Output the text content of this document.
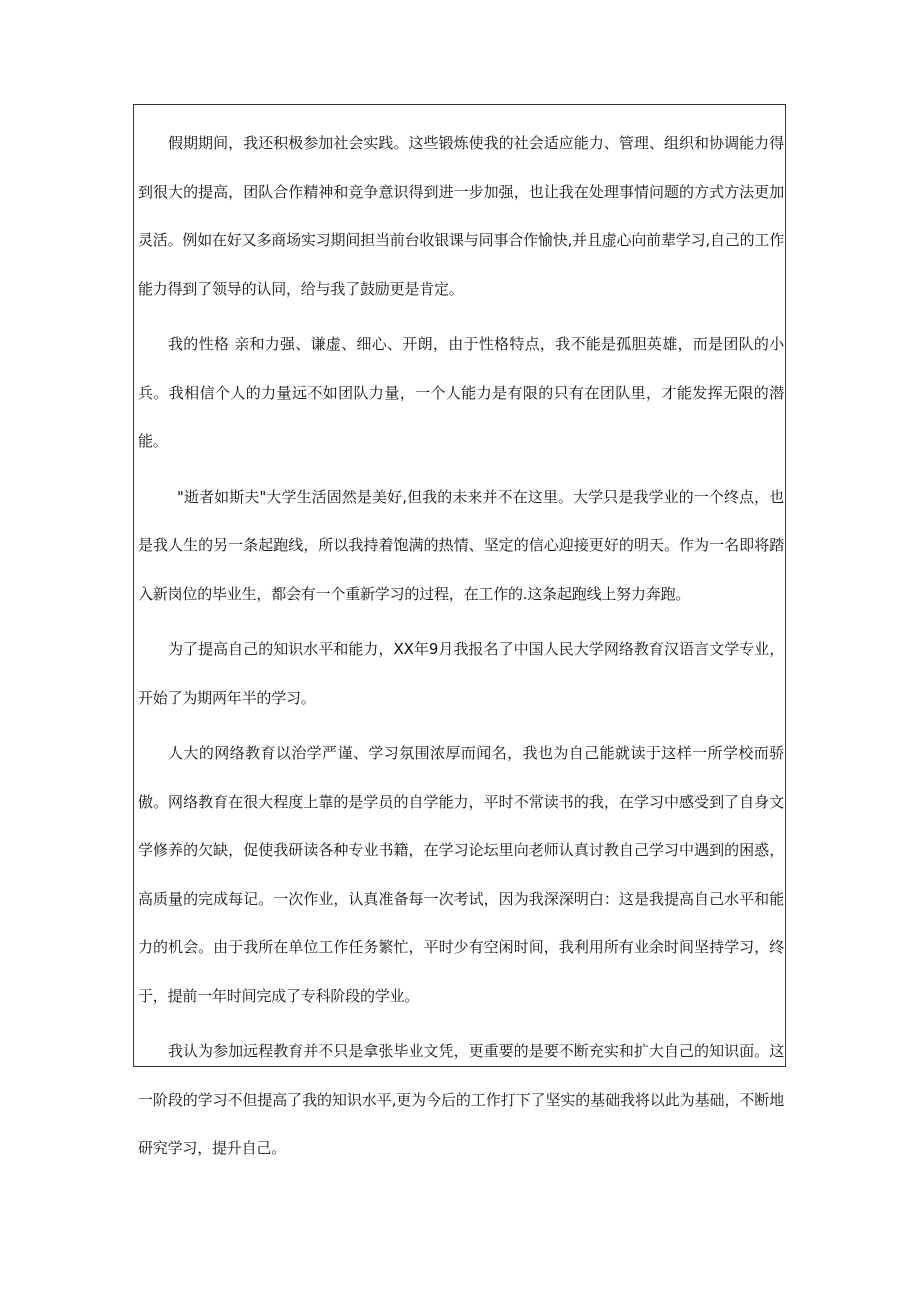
假期期间，我还积极参加社会实践。这些锻炼使我的社会适应能力、管理、组织和协调能力得到很大的提高，团队合作精神和竞争意识得到进一步加强，也让我在处理事情问题的方式方法更加灵活。例如在好又多商场实习期间担当前台收银课与同事合作愉快,并且虚心向前辈学习,自己的工作能力得到了领导的认同，给与我了鼓励更是肯定。

我的性格 亲和力强、谦虚、细心、开朗，由于性格特点，我不能是孤胆英雄，而是团队的小兵。我相信个人的力量远不如团队力量，一个人能力是有限的只有在团队里，才能发挥无限的潜能。

"逝者如斯夫"大学生活固然是美好,但我的未来并不在这里。大学只是我学业的一个终点，也是我人生的另一条起跑线，所以我持着饱满的热情、坚定的信心迎接更好的明天。作为一名即将踏入新岗位的毕业生，都会有一个重新学习的过程，在工作的.这条起跑线上努力奔跑。

为了提高自己的知识水平和能力，XX年9月我报名了中国人民大学网络教育汉语言文学专业，开始了为期两年半的学习。

人大的网络教育以治学严谨、学习氛围浓厚而闻名，我也为自己能就读于这样一所学校而骄傲。网络教育在很大程度上靠的是学员的自学能力，平时不常读书的我，在学习中感受到了自身文学修养的欠缺，促使我研读各种专业书籍，在学习论坛里向老师认真讨教自己学习中遇到的困惑，高质量的完成每记。一次作业，认真准备每一次考试，因为我深深明白：这是我提高自己水平和能力的机会。由于我所在单位工作任务繁忙，平时少有空闲时间，我利用所有业余时间坚持学习，终于，提前一年时间完成了专科阶段的学业。

我认为参加远程教育并不只是拿张毕业文凭，更重要的是要不断充实和扩大自己的知识面。这一阶段的学习不但提高了我的知识水平,更为今后的工作打下了坚实的基础我将以此为基础，不断地研究学习，提升自己。
